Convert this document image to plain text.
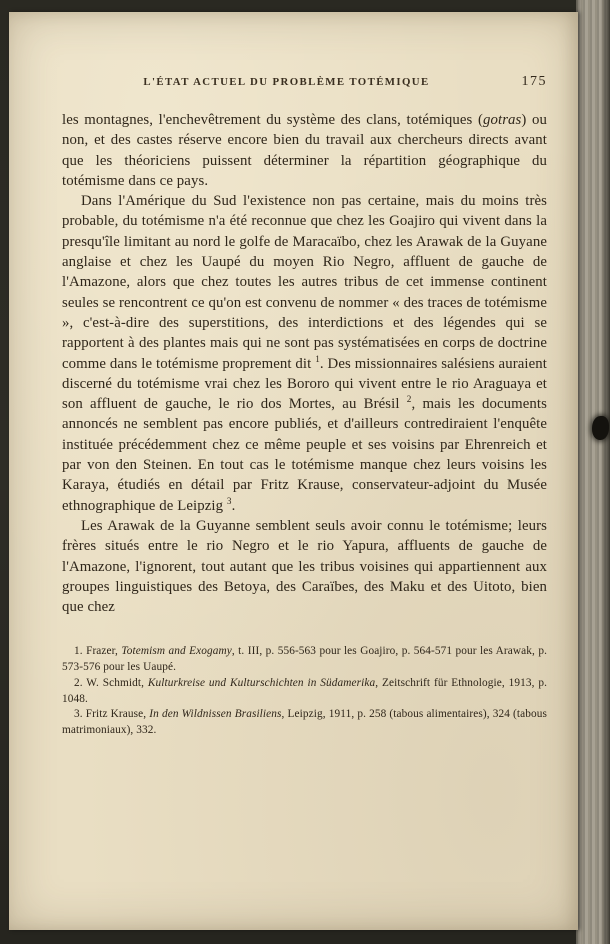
L'ÉTAT ACTUEL DU PROBLÈME TOTÉMIQUE	175

les montagnes, l'enchevêtrement du système des clans, totémiques (gotras) ou non, et des castes réserve encore bien du travail aux chercheurs directs avant que les théoriciens puissent déterminer la répartition géographique du totémisme dans ce pays.

Dans l'Amérique du Sud l'existence non pas certaine, mais du moins très probable, du totémisme n'a été reconnue que chez les Goajiro qui vivent dans la presqu'île limitant au nord le golfe de Maracaïbo, chez les Arawak de la Guyane anglaise et chez les Uaupé du moyen Rio Negro, affluent de gauche de l'Amazone, alors que chez toutes les autres tribus de cet immense continent seules se rencontrent ce qu'on est convenu de nommer « des traces de totémisme », c'est-à-dire des superstitions, des interdictions et des légendes qui se rapportent à des plantes mais qui ne sont pas systématisées en corps de doctrine comme dans le totémisme proprement dit $^1$. Des missionnaires salésiens auraient discerné du totémisme vrai chez les Bororo qui vivent entre le rio Araguaya et son affluent de gauche, le rio dos Mortes, au Brésil $^2$, mais les documents annoncés ne semblent pas encore publiés, et d'ailleurs contrediraient l'enquête instituée précédemment chez ce même peuple et ses voisins par Ehrenreich et par von den Steinen. En tout cas le totémisme manque chez leurs voisins les Karaya, étudiés en détail par Fritz Krause, conservateur-adjoint du Musée ethnographique de Leipzig $^3$.

Les Arawak de la Guyanne semblent seuls avoir connu le totémisme; leurs frères situés entre le rio Negro et le rio Yapura, affluents de gauche de l'Amazone, l'ignorent, tout autant que les tribus voisines qui appartiennent aux groupes linguistiques des Betoya, des Caraïbes, des Maku et des Uitoto, bien que chez

1. Frazer, Totemism and Exogamy, t. III, p. 556-563 pour les Goajiro, p. 564-571 pour les Arawak, p. 573-576 pour les Uaupé.

2. W. Schmidt, Kulturkreise und Kulturschichten in Südamerika, Zeitschrift für Ethnologie, 1913, p. 1048.

3. Fritz Krause, In den Wildnissen Brasiliens, Leipzig, 1911, p. 258 (tabous alimentaires), 324 (tabous matrimoniaux), 332.
